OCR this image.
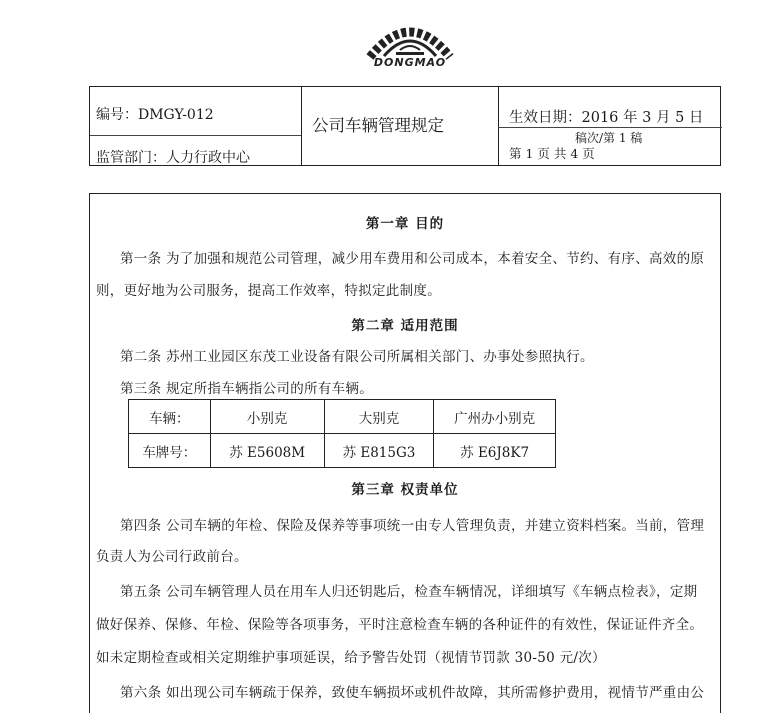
DONGMAO
编号：DMGY-012
监管部门：人力行政中心
公司车辆管理规定	生效日期：2016 年 3 月 5 日
稿次/第 1 稿
第 1 页 共 4 页
第一章 目的
第一条 为了加强和规范公司管理，减少用车费用和公司成本，本着安全、节约、有序、高效的原
则，更好地为公司服务，提高工作效率，特拟定此制度。
第二章 适用范围
第二条 苏州工业园区东茂工业设备有限公司所属相关部门、办事处参照执行。
第三条 规定所指车辆指公司的所有车辆。
车辆：	小别克	大别克	广州办小别克
车牌号：	苏 E5608M	苏 E815G3	苏 E6J8K7
第三章 权责单位
第四条 公司车辆的年检、保险及保养等事项统一由专人管理负责，并建立资料档案。当前，管理
负责人为公司行政前台。
第五条 公司车辆管理人员在用车人归还钥匙后，检查车辆情况，详细填写《车辆点检表》，定期
做好保养、保修、年检、保险等各项事务，平时注意检查车辆的各种证件的有效性，保证证件齐全。
如未定期检查或相关定期维护事项延误，给予警告处罚（视情节罚款 30-50 元/次）
第六条 如出现公司车辆疏于保养，致使车辆损坏或机件故障，其所需修护费用，视情节严重由公
